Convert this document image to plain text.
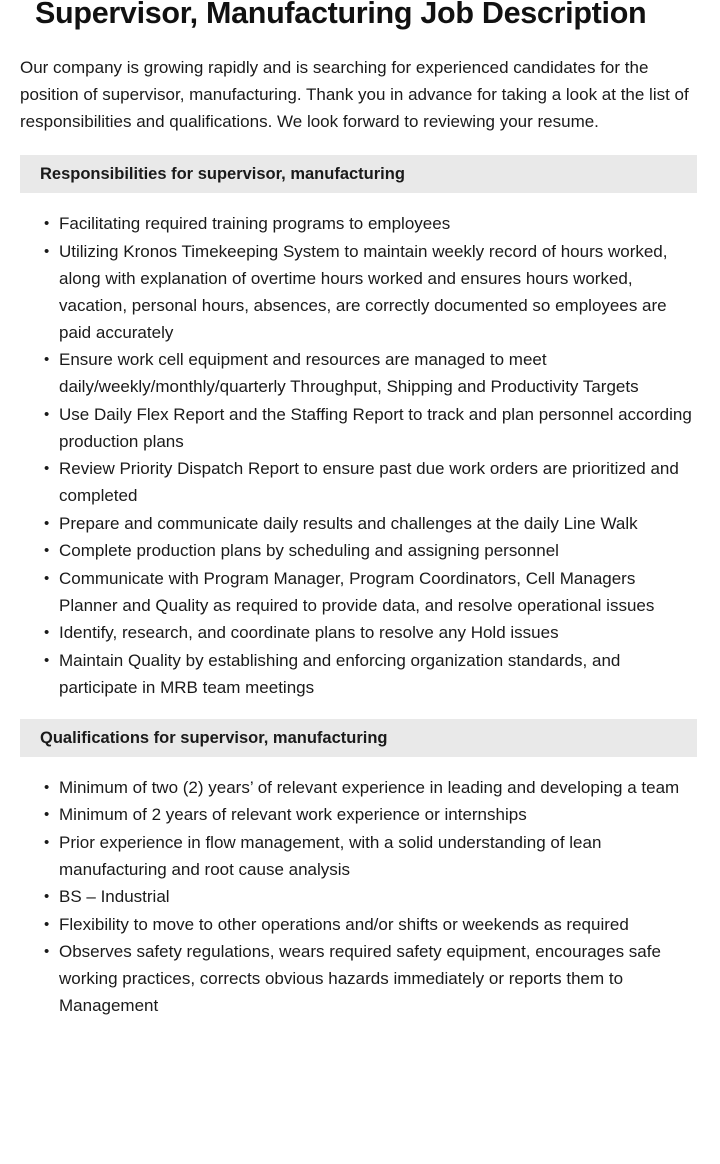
Supervisor, Manufacturing Job Description

Our company is growing rapidly and is searching for experienced candidates for the position of supervisor, manufacturing. Thank you in advance for taking a look at the list of responsibilities and qualifications. We look forward to reviewing your resume.

Responsibilities for supervisor, manufacturing
• Facilitating required training programs to employees
• Utilizing Kronos Timekeeping System to maintain weekly record of hours worked, along with explanation of overtime hours worked and ensures hours worked, vacation, personal hours, absences, are correctly documented so employees are paid accurately
• Ensure work cell equipment and resources are managed to meet daily/weekly/monthly/quarterly Throughput, Shipping and Productivity Targets
• Use Daily Flex Report and the Staffing Report to track and plan personnel according production plans
• Review Priority Dispatch Report to ensure past due work orders are prioritized and completed
• Prepare and communicate daily results and challenges at the daily Line Walk
• Complete production plans by scheduling and assigning personnel
• Communicate with Program Manager, Program Coordinators, Cell Managers Planner and Quality as required to provide data, and resolve operational issues
• Identify, research, and coordinate plans to resolve any Hold issues
• Maintain Quality by establishing and enforcing organization standards, and participate in MRB team meetings
Qualifications for supervisor, manufacturing
• Minimum of two (2) years’ of relevant experience in leading and developing a team
• Minimum of 2 years of relevant work experience or internships
• Prior experience in flow management, with a solid understanding of lean manufacturing and root cause analysis
• BS – Industrial
• Flexibility to move to other operations and/or shifts or weekends as required
• Observes safety regulations, wears required safety equipment, encourages safe working practices, corrects obvious hazards immediately or reports them to Management
